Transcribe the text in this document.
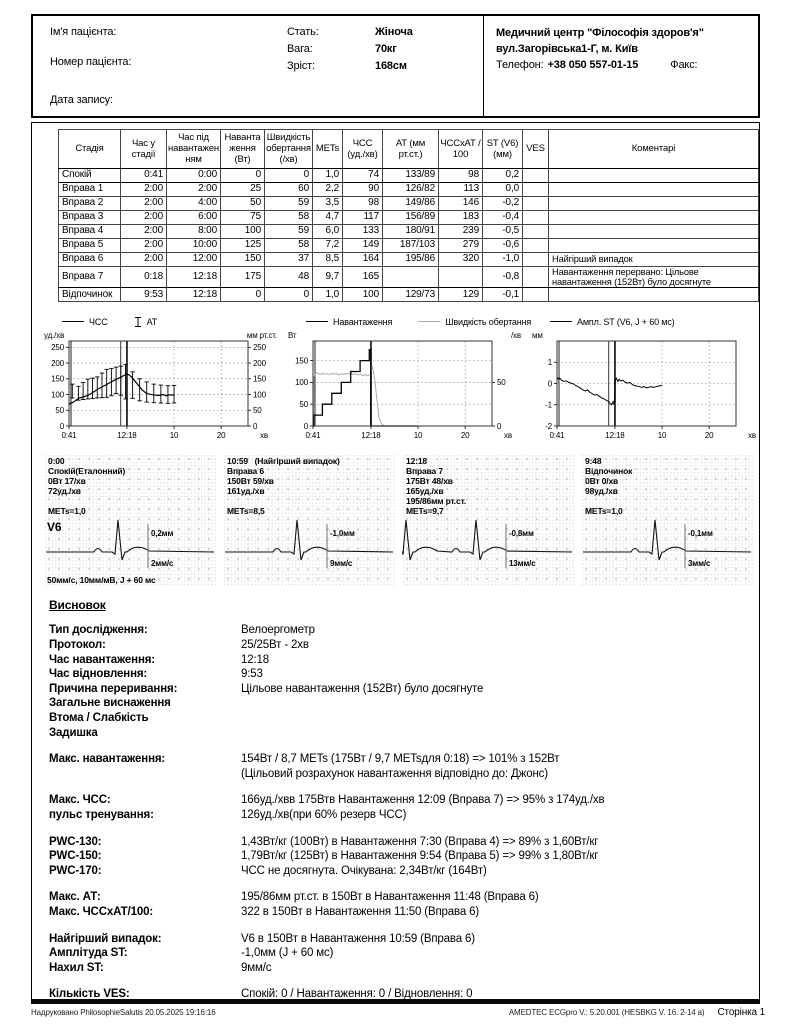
Ім'я пацієнта:
Номер пацієнта:
Дата запису:
Стать:	Жіноча
Вага:	70кг
Зріст:	168см
Медичний центр "Філософія здоров'я"
вул.Загорівська1-Г, м. Київ
Телефон: +38 050 557-01-15	Факс:
Стадія	Час у стадії	Час під навантаженням	Навантаження (Вт)	Швидкість обертання (/хв)	METs	ЧСС (уд./хв)	АТ (мм рт.ст.)	ЧССхАТ / 100	ST (V6) (мм)	VES	Коментарі
Спокій	0:41	0:00	0	0	1,0	74	133/89	98	0,2		
Вправа 1	2:00	2:00	25	60	2,2	90	126/82	113	0,0		
Вправа 2	2:00	4:00	50	59	3,5	98	149/86	146	-0,2		
Вправа 3	2:00	6:00	75	58	4,7	117	156/89	183	-0,4		
Вправа 4	2:00	8:00	100	59	6,0	133	180/91	239	-0,5		
Вправа 5	2:00	10:00	125	58	7,2	149	187/103	279	-0,6		
Вправа 6	2:00	12:00	150	37	8,5	164	195/86	320	-1,0		Найгірший випадок
Вправа 7	0:18	12:18	175	48	9,7	165			-0,8		Навантаження перервано: Цільове навантаження (152Вт) було досягнуте
Відпочинок	9:53	12:18	0	0	1,0	100	129/73	129	-0,1		
ЧСС	АТ
0	0
50	50
100	100
150	150
200	200
250	250
0:41	12:18	10	20	хв
уд./хв	мм рт.ст.
Навантаження	Швидкість обертання
0
50
100
150
0
50
0:41	12:18	10	20	хв
Вт	/хв
Ампл. ST (V6, J + 60 мс)
-2
-1
0
1
0:41	12:18	10	20	хв
мм
0:00
Спокій(Еталонний)
0Вт 17/хв
72уд./хв

METs=1,0
V6
50мм/с, 10мм/мВ, J + 60 мс
0,2мм
2мм/с
10:59   (Найгірший випадок)
Вправа 6
150Вт 59/хв
161уд./хв

METs=8,5
-1,0мм
9мм/с
12:18
Вправа 7
175Вт 48/хв
165уд./хв
195/86мм рт.ст.
METs=9,7
-0,8мм
13мм/с
9:48
Відпочинок
0Вт 0/хв
98уд./хв

METs=1,0
-0,1мм
3мм/с
Висновок
Тип дослідження:	Велоергометр
Протокол:	25/25Вт - 2хв
Час навантаження:	12:18
Час відновлення:	9:53
Причина переривання:	Цільове навантаження (152Вт) було досягнуте
Загальне виснаження
Втома / Слабкість
Задишка
Макс. навантаження:	154Вт / 8,7 METs (175Вт / 9,7 METsдля 0:18) => 101% з 152Вт
(Цільовий розрахунок навантаження відповідно до: Джонс)
Макс. ЧСС:	166уд./хвв 175Втв Навантаження 12:09 (Вправа 7) => 95% з 174уд./хв
пульс тренування:	126уд./хв(при 60% резерв ЧСС)
PWC-130:	1,43Вт/кг (100Вт) в Навантаження 7:30 (Вправа 4) => 89% з 1,60Вт/кг
PWC-150:	1,79Вт/кг (125Вт) в Навантаження 9:54 (Вправа 5) => 99% з 1,80Вт/кг
PWC-170:	ЧСС не досягнута. Очікувана: 2,34Вт/кг (164Вт)
Макс. АТ:	195/86мм рт.ст. в 150Вт в Навантаження 11:48 (Вправа 6)
Макс. ЧССхАТ/100:	322 в 150Вт в Навантаження 11:50 (Вправа 6)
Найгірший випадок:	V6 в 150Вт в Навантаження 10:59 (Вправа 6)
Амплітуда ST:	-1,0мм (J + 60 мс)
Нахил ST:	9мм/с
Кількість VES:	Спокій: 0 / Навантаження: 0 / Відновлення: 0
Надруковано PhilosophieSalutis 20.05.2025 19:16:16	AMEDTEC ECGpro V.: 5.20.001 (HESBKG V. 16. 2-14 a) Сторінка 1
